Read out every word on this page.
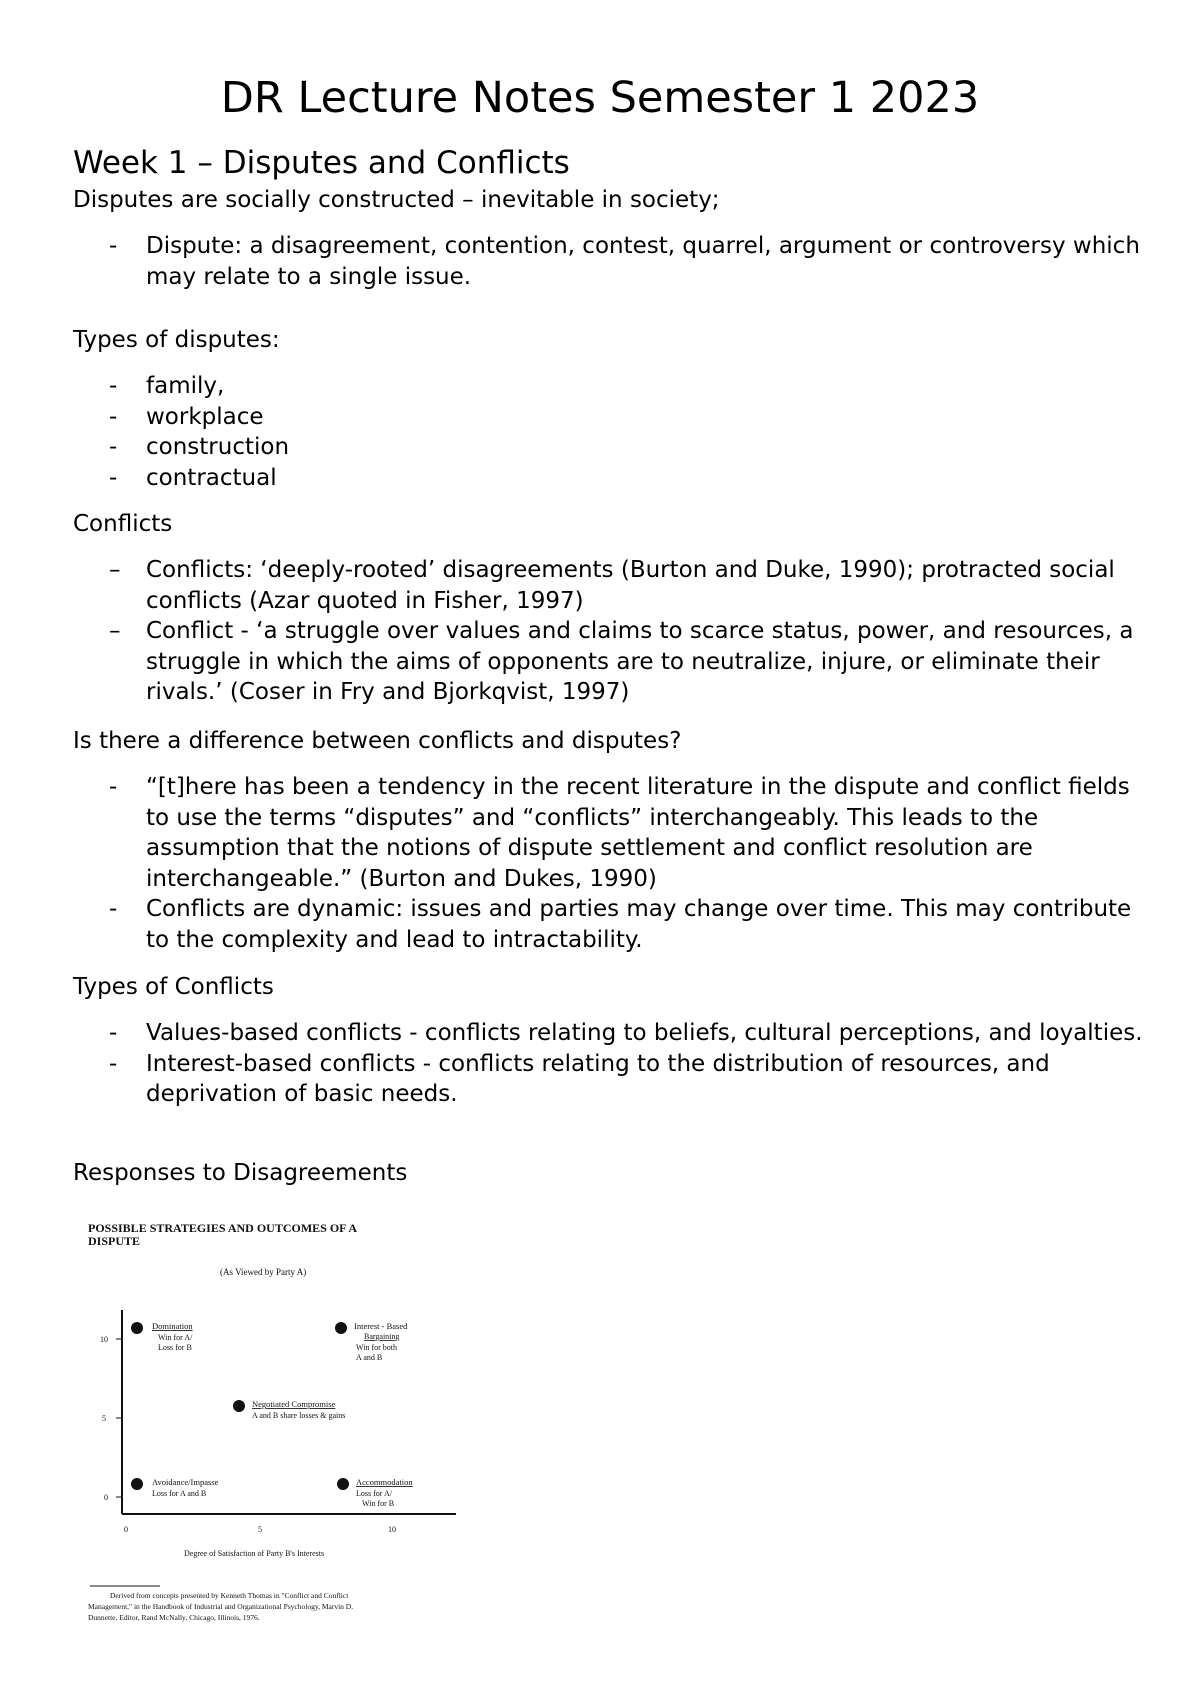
DR Lecture Notes Semester 1 2023
Week 1 – Disputes and Conflicts

Disputes are socially constructed – inevitable in society;

- Dispute: a disagreement, contention, contest, quarrel, argument or controversy which may relate to a single issue.

Types of disputes:

- family,
- workplace
- construction
- contractual

Conflicts

– Conflicts: ‘deeply-rooted’ disagreements (Burton and Duke, 1990); protracted social conflicts (Azar quoted in Fisher, 1997)
– Conflict - ‘a struggle over values and claims to scarce status, power, and resources, a struggle in which the aims of opponents are to neutralize, injure, or eliminate their rivals.’ (Coser in Fry and Bjorkqvist, 1997)

Is there a difference between conflicts and disputes?

- “[t]here has been a tendency in the recent literature in the dispute and conflict fields to use the terms “disputes” and “conflicts” interchangeably. This leads to the assumption that the notions of dispute settlement and conflict resolution are interchangeable.” (Burton and Dukes, 1990)
- Conflicts are dynamic: issues and parties may change over time. This may contribute to the complexity and lead to intractability.

Types of Conflicts

- Values-based conflicts - conflicts relating to beliefs, cultural perceptions, and loyalties.
- Interest-based conflicts - conflicts relating to the distribution of resources, and deprivation of basic needs.

Responses to Disagreements

POSSIBLE STRATEGIES AND OUTCOMES OF A
DISPUTE
(As Viewed by Party A)
10
5
0
0	5	10
Degree of Satisfaction of Party B's Interests
Domination
Win for A/
Loss for B
Interest - Based
Bargaining
Win for both
A and B
Negotiated Compromise
A and B share losses & gains
Avoidance/Impasse
Loss for A and B
Accommodation
Loss for A/
Win for B
Derived from concepts presented by Kenneth Thomas in "Conflict and Conflict
Management," in the Handbook of Industrial and Organizational Psychology, Marvin D.
Dunnette, Editor, Rand McNally, Chicago, Illinois, 1976.
